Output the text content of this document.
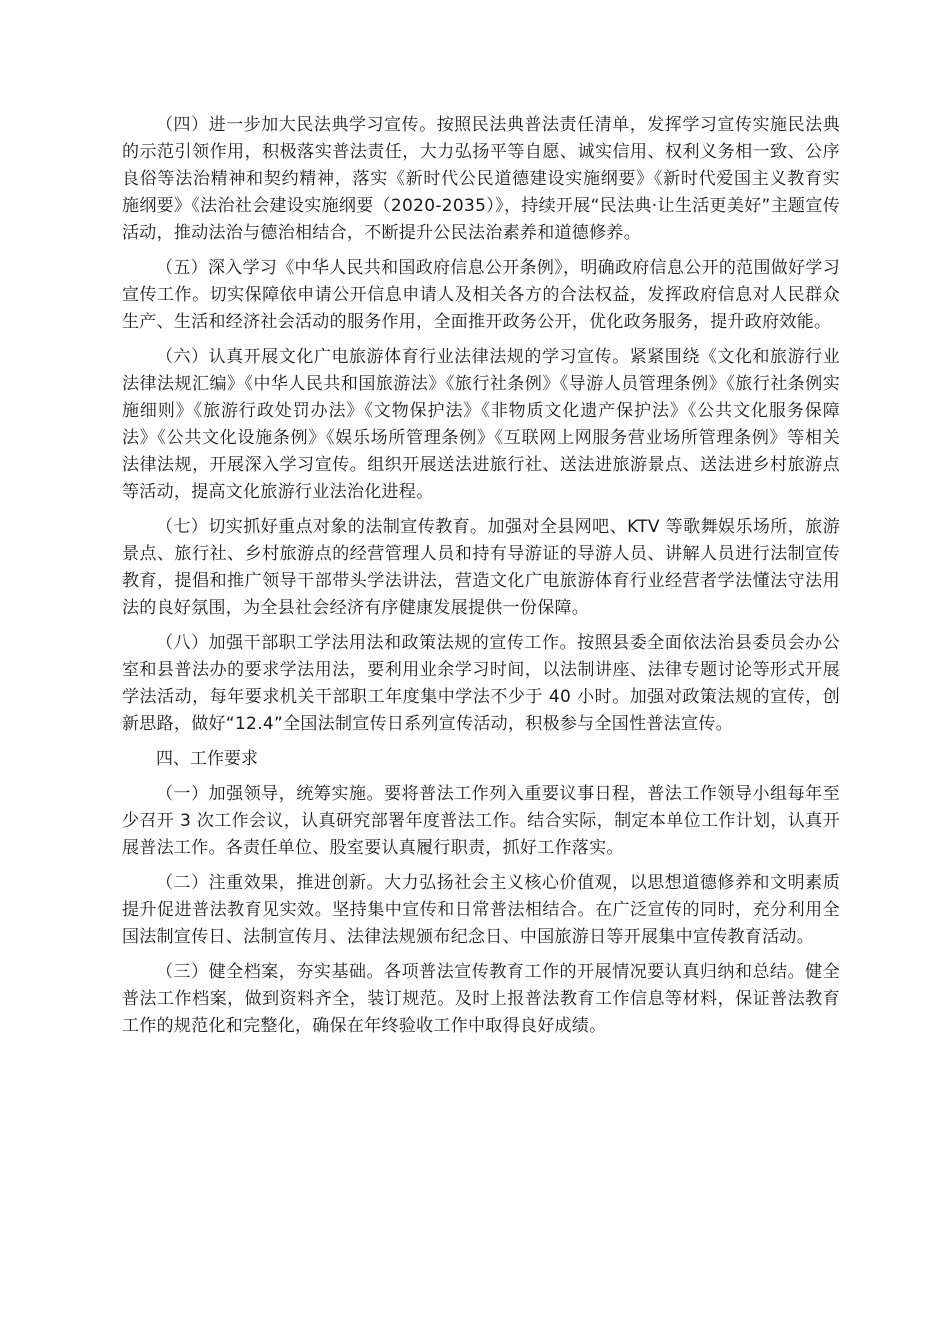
（四）进一步加大民法典学习宣传。按照民法典普法责任清单，发挥学习宣传实施民法典的示范引领作用，积极落实普法责任，大力弘扬平等自愿、诚实信用、权利义务相一致、公序良俗等法治精神和契约精神，落实《新时代公民道德建设实施纲要》《新时代爱国主义教育实施纲要》《法治社会建设实施纲要（2020-2035）》，持续开展“民法典·让生活更美好”主题宣传活动，推动法治与德治相结合，不断提升公民法治素养和道德修养。

（五）深入学习《中华人民共和国政府信息公开条例》，明确政府信息公开的范围做好学习宣传工作。切实保障依申请公开信息申请人及相关各方的合法权益，发挥政府信息对人民群众生产、生活和经济社会活动的服务作用，全面推开政务公开，优化政务服务，提升政府效能。

（六）认真开展文化广电旅游体育行业法律法规的学习宣传。紧紧围绕《文化和旅游行业法律法规汇编》《中华人民共和国旅游法》《旅行社条例》《导游人员管理条例》《旅行社条例实施细则》《旅游行政处罚办法》《文物保护法》《非物质文化遗产保护法》《公共文化服务保障法》《公共文化设施条例》《娱乐场所管理条例》《互联网上网服务营业场所管理条例》等相关法律法规，开展深入学习宣传。组织开展送法进旅行社、送法进旅游景点、送法进乡村旅游点等活动，提高文化旅游行业法治化进程。

（七）切实抓好重点对象的法制宣传教育。加强对全县网吧、KTV 等歌舞娱乐场所，旅游景点、旅行社、乡村旅游点的经营管理人员和持有导游证的导游人员、讲解人员进行法制宣传教育，提倡和推广领导干部带头学法讲法，营造文化广电旅游体育行业经营者学法懂法守法用法的良好氛围，为全县社会经济有序健康发展提供一份保障。

（八）加强干部职工学法用法和政策法规的宣传工作。按照县委全面依法治县委员会办公室和县普法办的要求学法用法，要利用业余学习时间，以法制讲座、法律专题讨论等形式开展学法活动，每年要求机关干部职工年度集中学法不少于 40 小时。加强对政策法规的宣传，创新思路，做好“12.4”全国法制宣传日系列宣传活动，积极参与全国性普法宣传。

四、工作要求

（一）加强领导，统筹实施。要将普法工作列入重要议事日程，普法工作领导小组每年至少召开 3 次工作会议，认真研究部署年度普法工作。结合实际，制定本单位工作计划，认真开展普法工作。各责任单位、股室要认真履行职责，抓好工作落实。

（二）注重效果，推进创新。大力弘扬社会主义核心价值观，以思想道德修养和文明素质提升促进普法教育见实效。坚持集中宣传和日常普法相结合。在广泛宣传的同时，充分利用全国法制宣传日、法制宣传月、法律法规颁布纪念日、中国旅游日等开展集中宣传教育活动。

（三）健全档案，夯实基础。各项普法宣传教育工作的开展情况要认真归纳和总结。健全普法工作档案，做到资料齐全，装订规范。及时上报普法教育工作信息等材料，保证普法教育工作的规范化和完整化，确保在年终验收工作中取得良好成绩。
